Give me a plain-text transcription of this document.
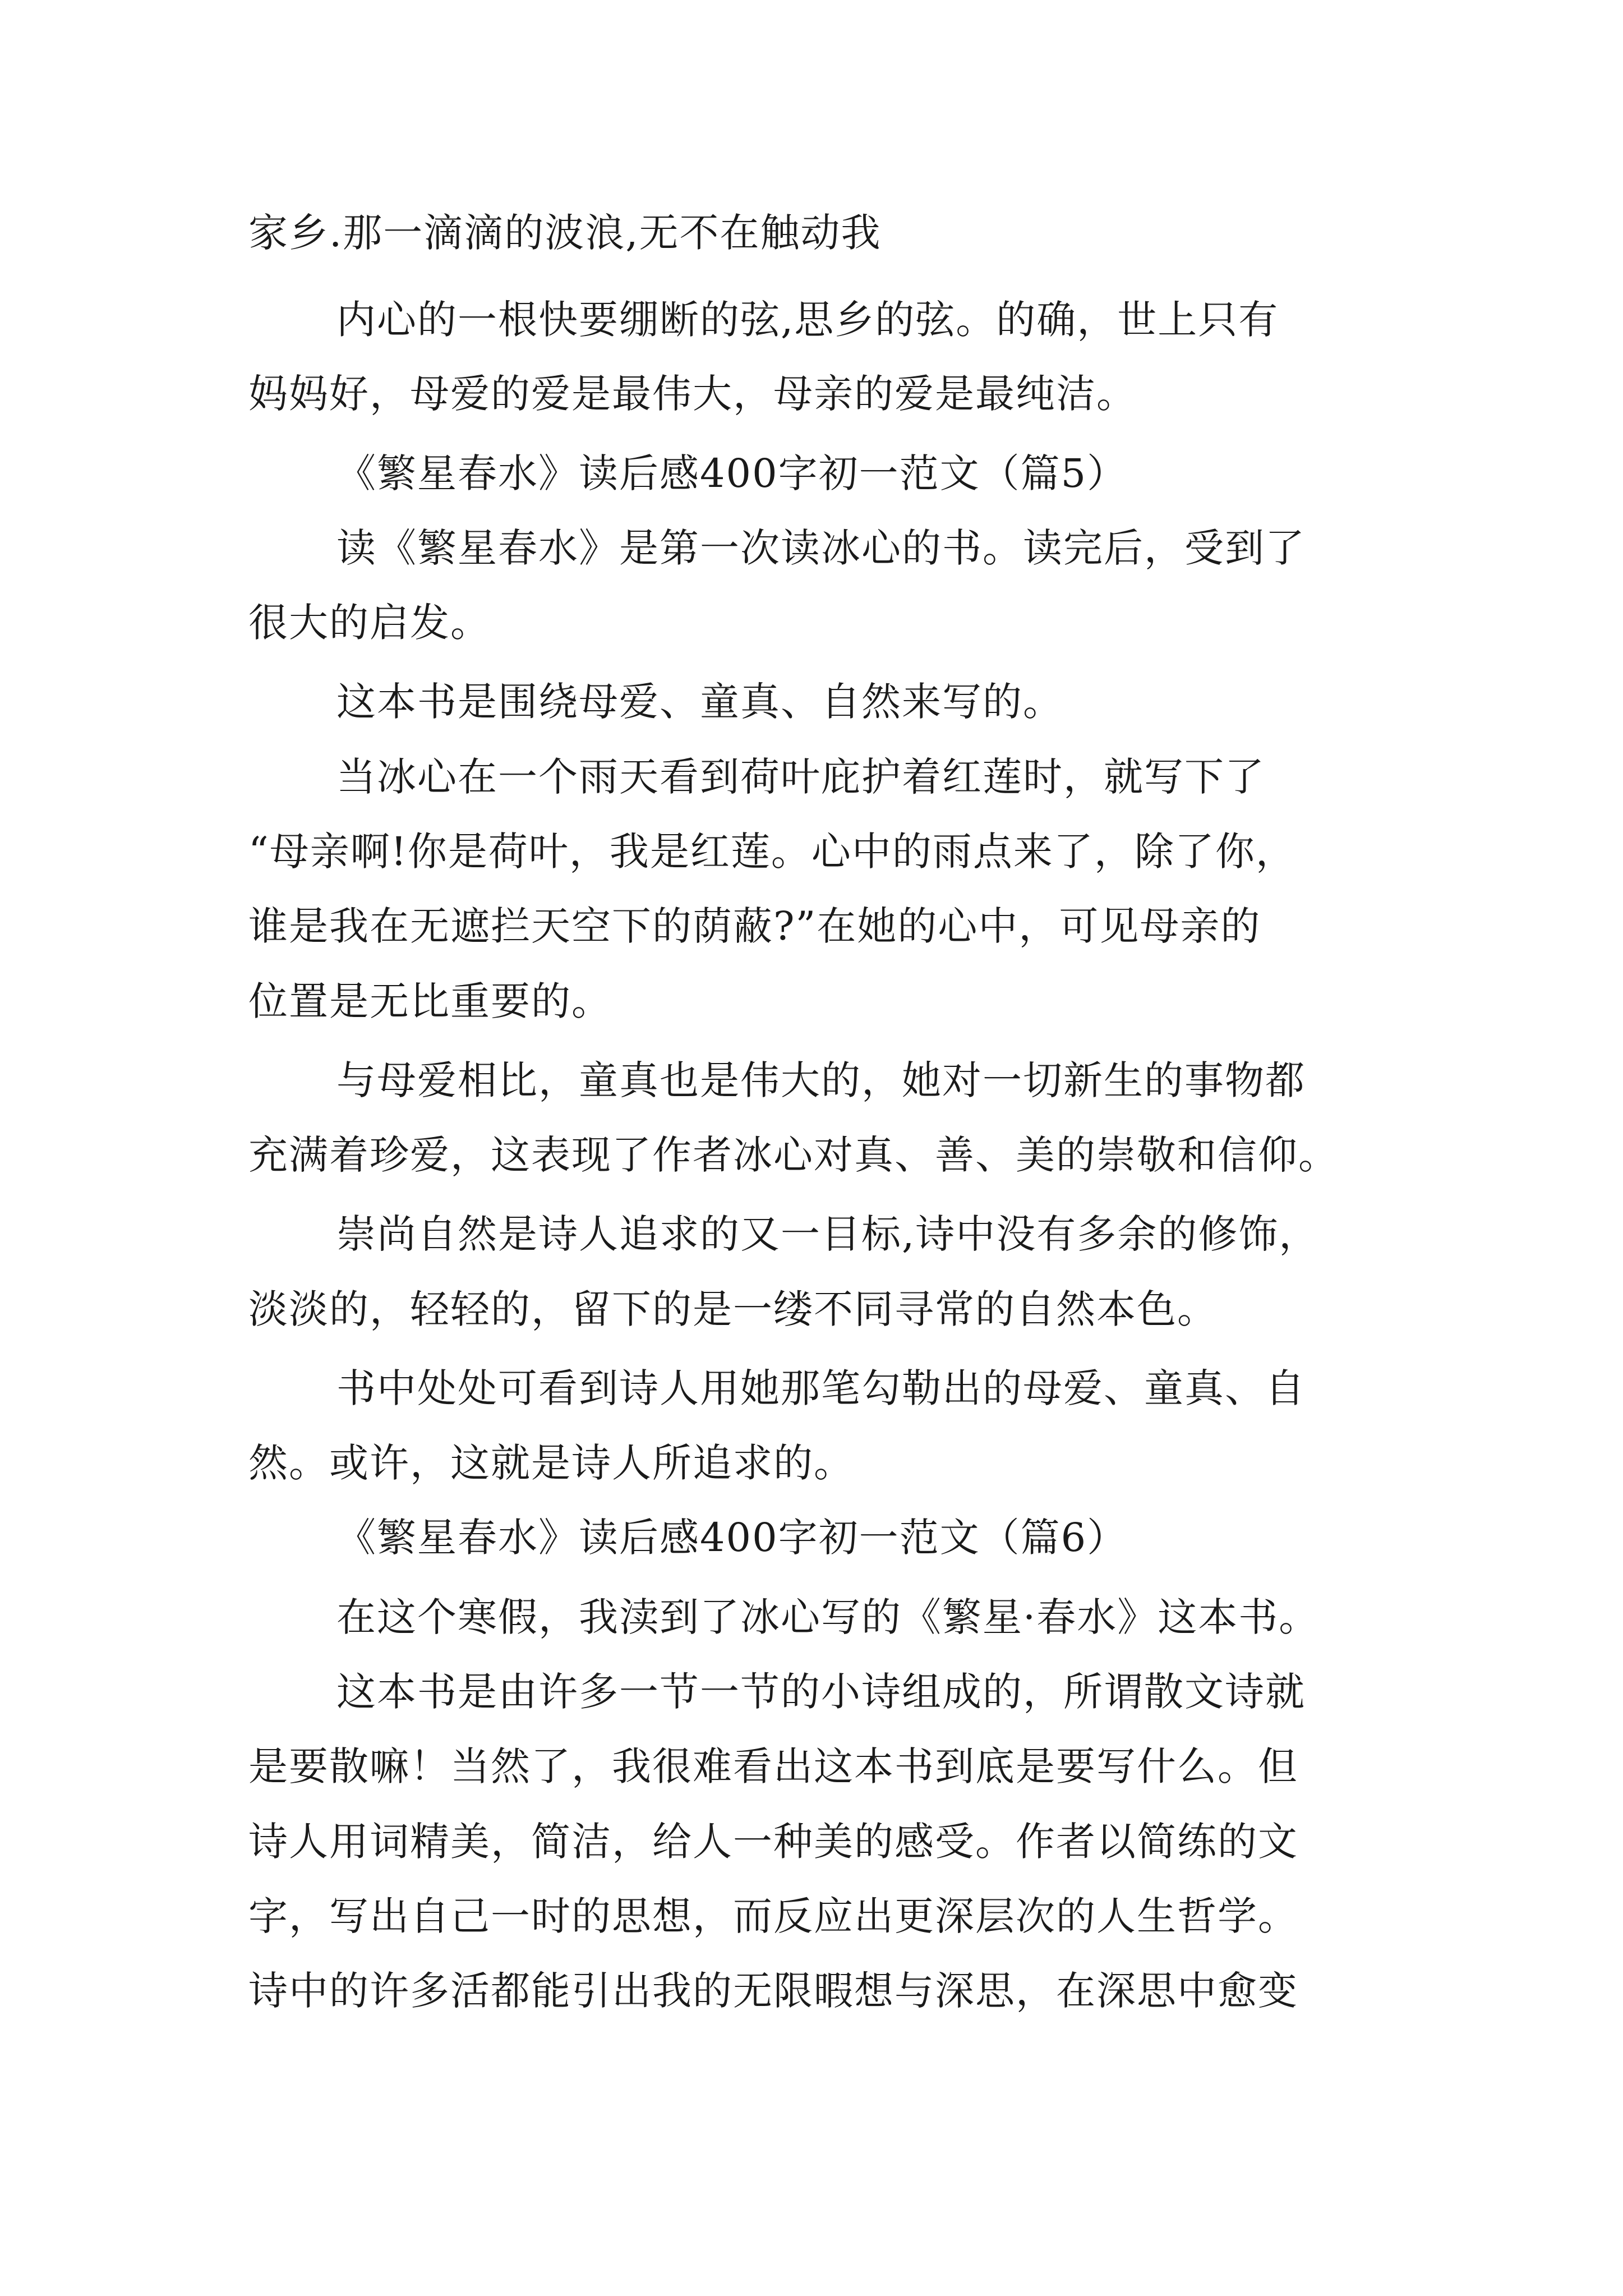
家乡.那一滴滴的波浪,无不在触动我
内心的一根快要绷断的弦,思乡的弦。的确，世上只有
妈妈好，母爱的爱是最伟大，母亲的爱是最纯洁。
《繁星春水》读后感400字初一范文（篇5）
读《繁星春水》是第一次读冰心的书。读完后，受到了
很大的启发。
这本书是围绕母爱、童真、自然来写的。
当冰心在一个雨天看到荷叶庇护着红莲时，就写下了
“母亲啊!你是荷叶，我是红莲。心中的雨点来了，除了你，
谁是我在无遮拦天空下的荫蔽?”在她的心中，可见母亲的
位置是无比重要的。
与母爱相比，童真也是伟大的，她对一切新生的事物都
充满着珍爱，这表现了作者冰心对真、善、美的崇敬和信仰。
崇尚自然是诗人追求的又一目标,诗中没有多余的修饰，
淡淡的，轻轻的，留下的是一缕不同寻常的自然本色。
书中处处可看到诗人用她那笔勾勒出的母爱、童真、自
然。或许，这就是诗人所追求的。
《繁星春水》读后感400字初一范文（篇6）
在这个寒假，我渎到了冰心写的《繁星·春水》这本书。
这本书是由许多一节一节的小诗组成的，所谓散文诗就
是要散嘛！当然了，我很难看出这本书到底是要写什么。但
诗人用词精美，简洁，给人一种美的感受。作者以简练的文
字，写出自己一时的思想，而反应出更深层次的人生哲学。
诗中的许多活都能引出我的无限暇想与深思，在深思中愈变
